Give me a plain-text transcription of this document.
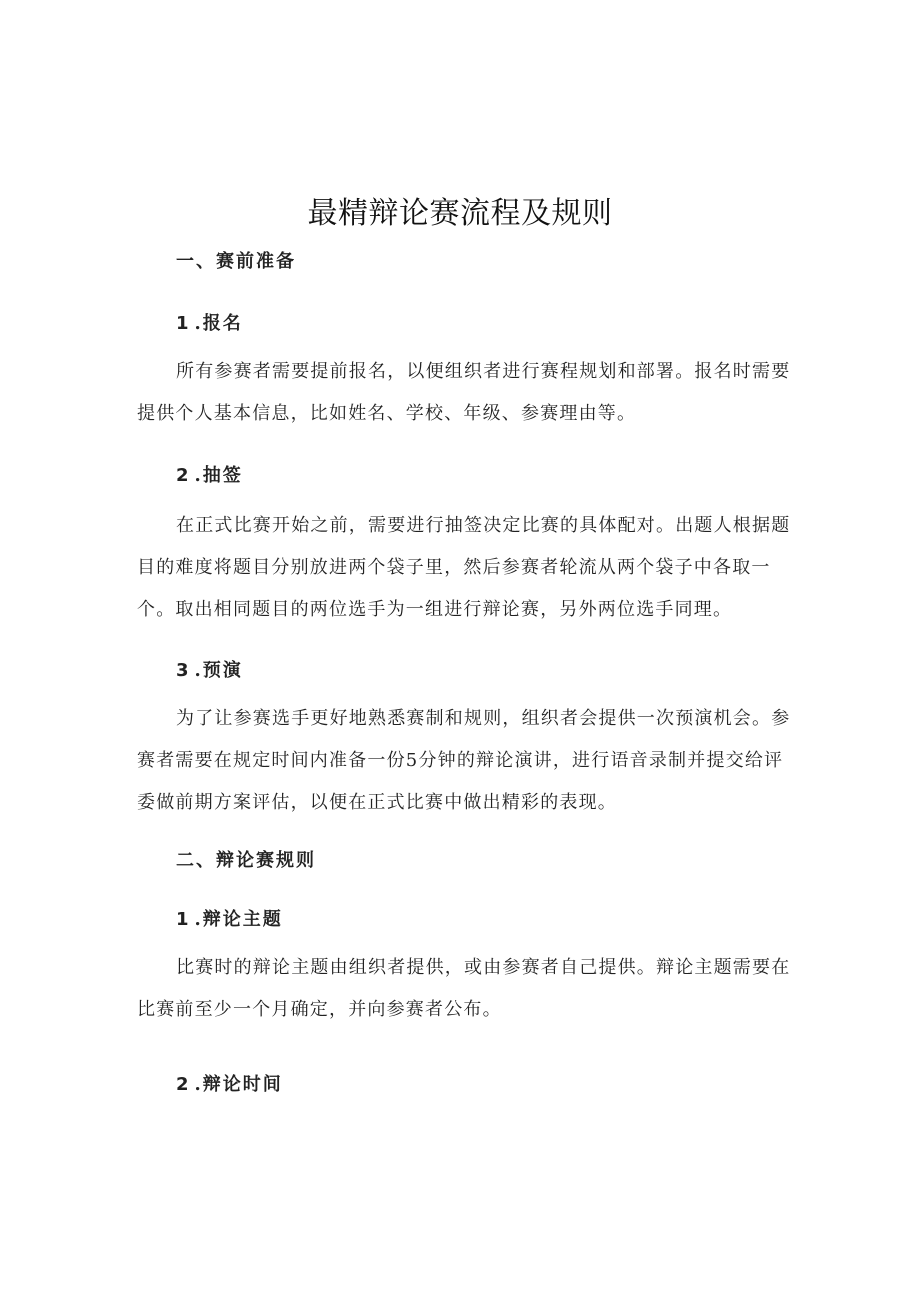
最精辩论赛流程及规则
一、赛前准备
1 .报名

所有参赛者需要提前报名，以便组织者进行赛程规划和部署。报名时需要提供个人基本信息，比如姓名、学校、年级、参赛理由等。

2 .抽签

在正式比赛开始之前，需要进行抽签决定比赛的具体配对。出题人根据题目的难度将题目分别放进两个袋子里，然后参赛者轮流从两个袋子中各取一个。取出相同题目的两位选手为一组进行辩论赛，另外两位选手同理。

3 .预演

为了让参赛选手更好地熟悉赛制和规则，组织者会提供一次预演机会。参赛者需要在规定时间内准备一份5分钟的辩论演讲，进行语音录制并提交给评委做前期方案评估，以便在正式比赛中做出精彩的表现。

二、辩论赛规则
1 .辩论主题

比赛时的辩论主题由组织者提供，或由参赛者自己提供。辩论主题需要在比赛前至少一个月确定，并向参赛者公布。

2 .辩论时间
